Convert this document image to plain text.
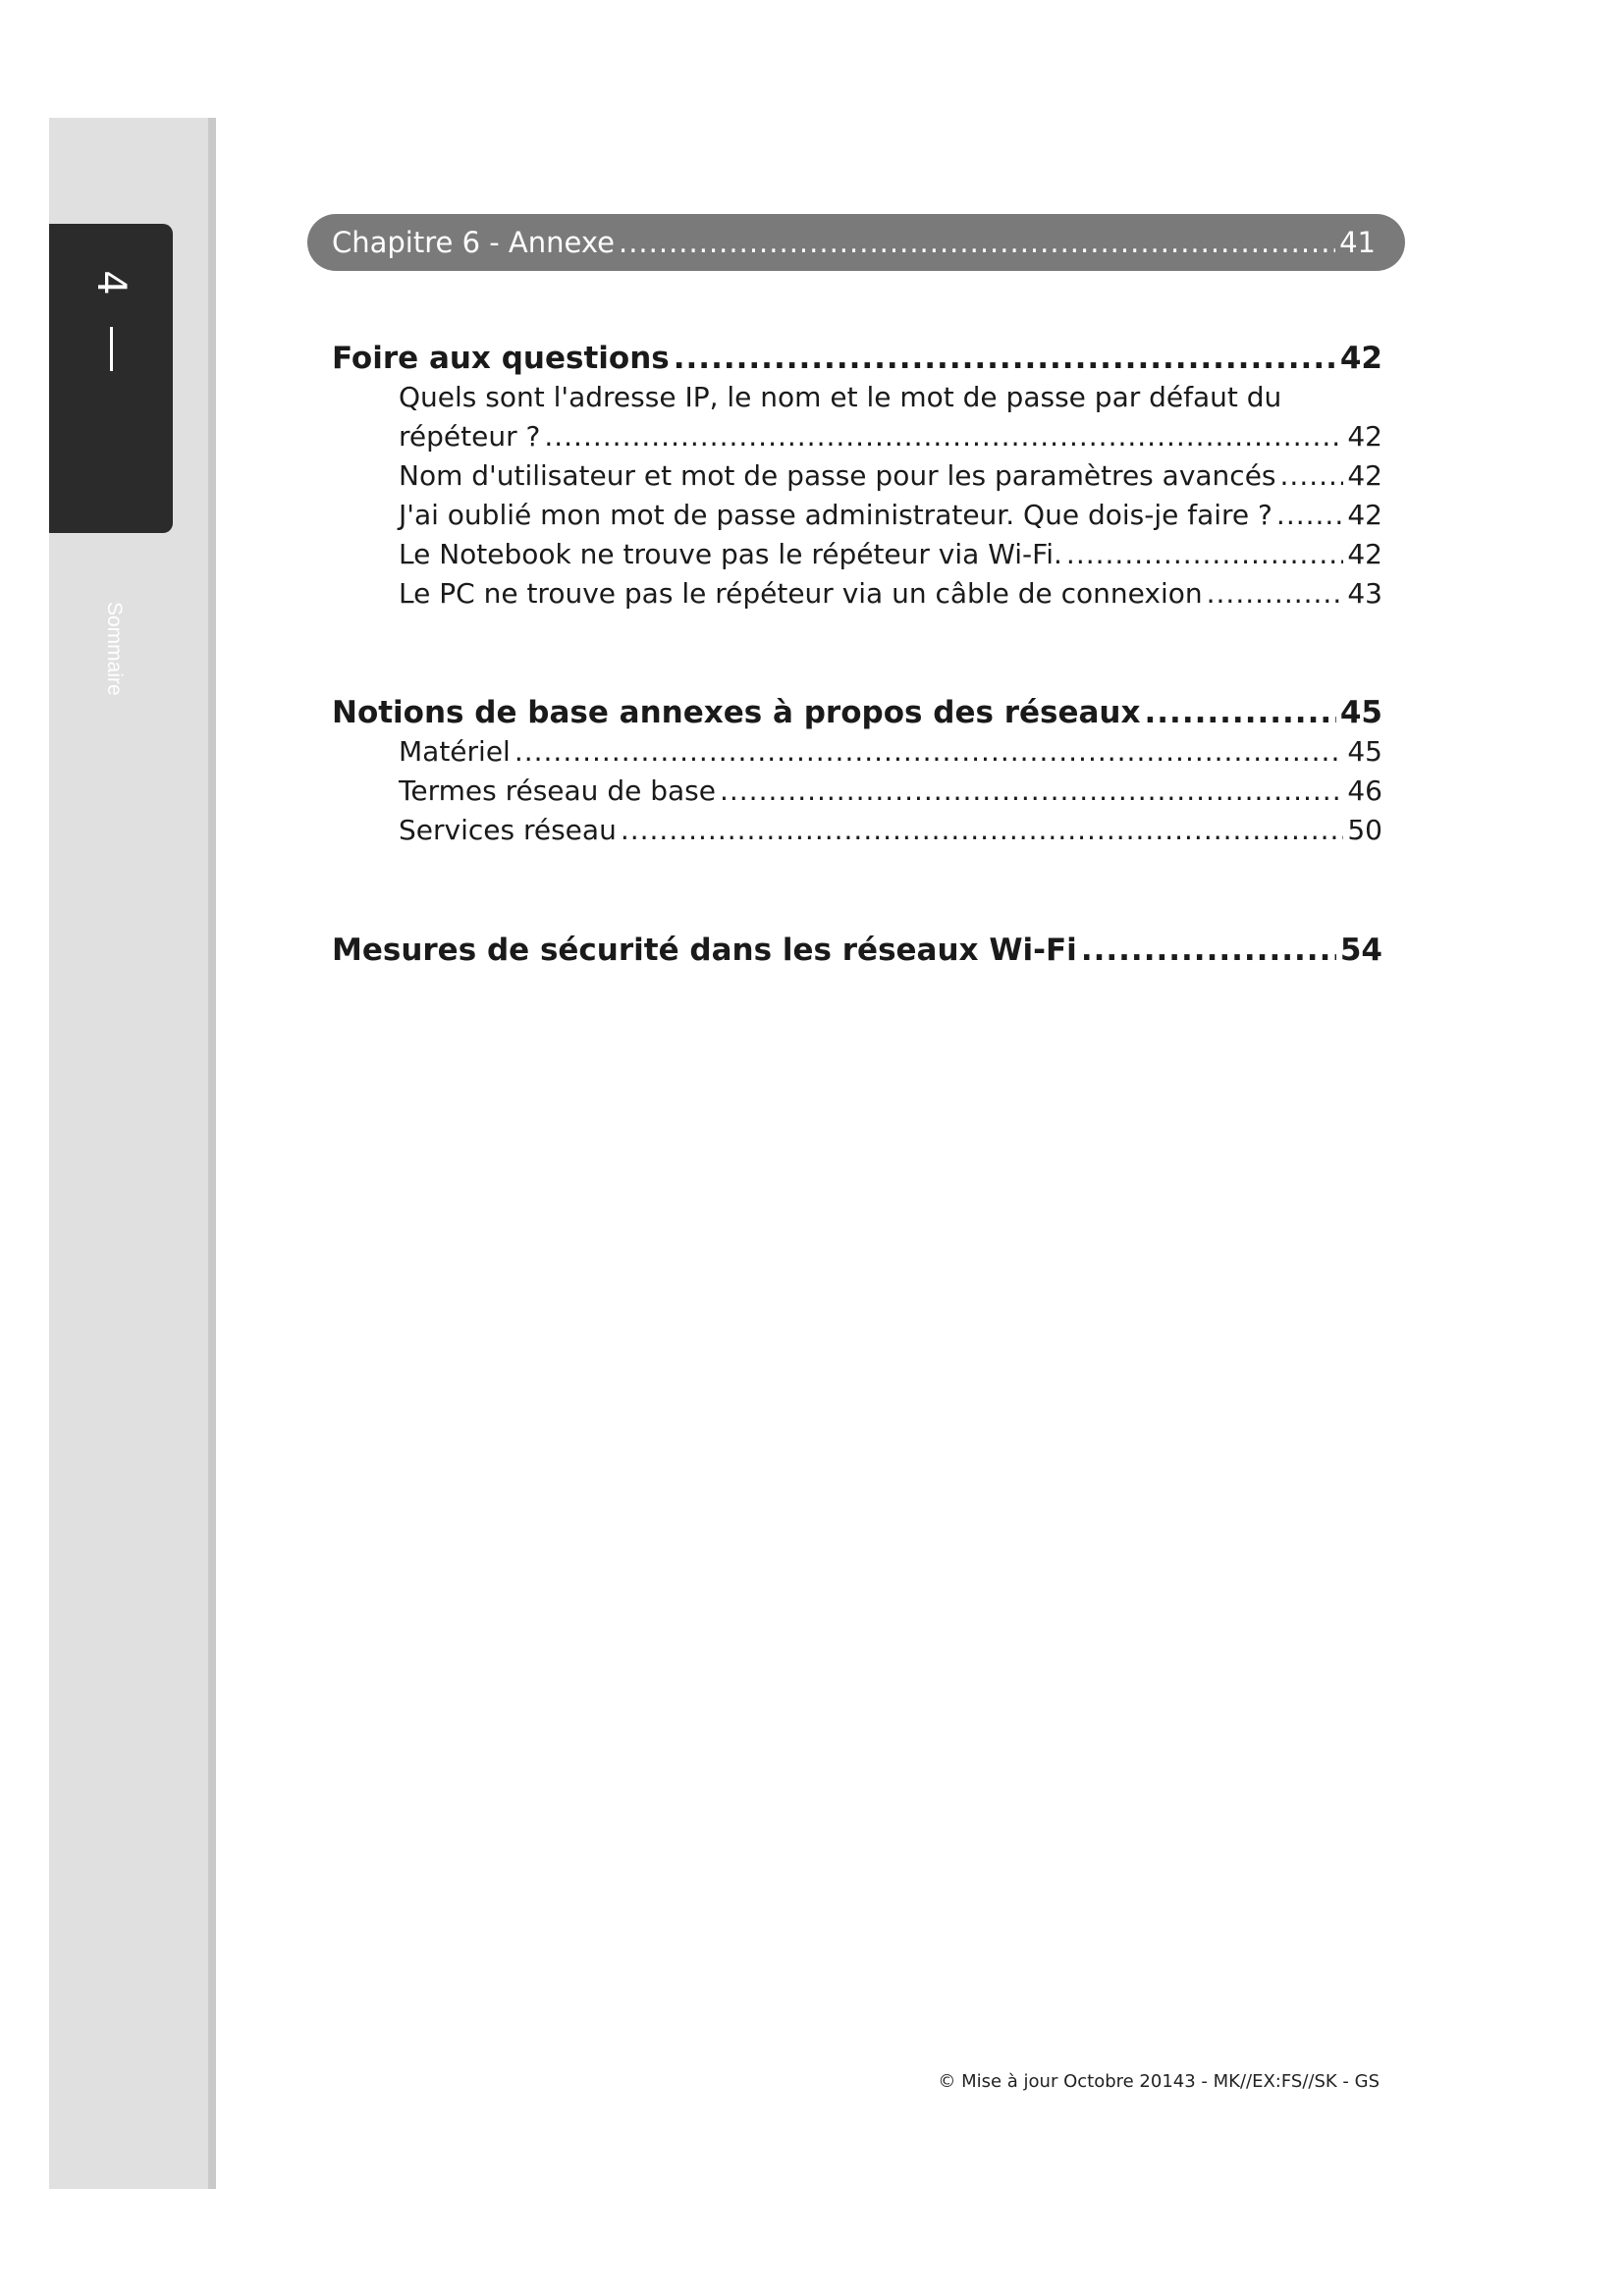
4
Sommaire
Chapitre 6 - Annexe .....	41
Foire aux questions .....	42
Quels sont l'adresse IP, le nom et le mot de passe par défaut du
répéteur ? .....	42
Nom d'utilisateur et mot de passe pour les paramètres avancés .....	42
J'ai oublié mon mot de passe administrateur. Que dois-je faire ? .....	42
Le Notebook ne trouve pas le répéteur via Wi-Fi. .....	42
Le PC ne trouve pas le répéteur via un câble de connexion .....	43
Notions de base annexes à propos des réseaux .....	45
Matériel .....	45
Termes réseau de base .....	46
Services réseau .....	50
Mesures de sécurité dans les réseaux Wi-Fi .....	54
© Mise à jour Octobre 20143 - MK//EX:FS//SK - GS
